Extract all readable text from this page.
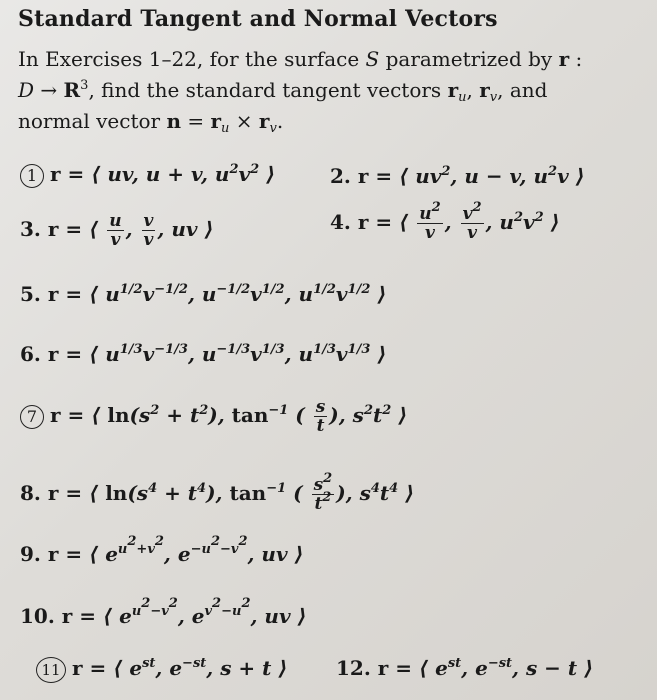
Standard Tangent and Normal Vectors
In Exercises 1–22, for the surface S parametrized by r :
$D \to R^3$, find the standard tangent vectors $r_u$, $r_v$, and
normal vector $n = r_u \times r_v$.
1 r = ⟨ uv, u + v, $u^2v^2$ ⟩	2. r = ⟨ $uv^2$, u − v, $u^2v$ ⟩
3. r = ⟨ $\frac{u}{v}$ , $\frac{v}{v}$ , uv ⟩	4. r = ⟨ $\frac{u^2}{v}$ , $\frac{v^2}{v}$ , $u^2v^2$ ⟩
5. r = ⟨ $u^{1/2}v^{-1/2}$, $u^{-1/2}v^{1/2}$, $u^{1/2}v^{1/2}$ ⟩
6. r = ⟨ $u^{1/3}v^{-1/3}$, $u^{-1/3}v^{1/3}$, $u^{1/3}v^{1/3}$ ⟩
7 r = ⟨ $\ln(s^2 + t^2)$, $\tan^{-1}$ ( $\frac{s}{t}$ ), $s^2t^2$ ⟩
8. r = ⟨ $\ln(s^4 + t^4)$, $\tan^{-1}$ ( $\frac{s^2}{t^2}$ ), $s^4t^4$ ⟩
9. r = ⟨ $e^{u^2+v^2}$, $e^{-u^2-v^2}$, uv ⟩
10. r = ⟨ $e^{u^2-v^2}$, $e^{v^2-u^2}$, uv ⟩
11 r = ⟨ $e^{st}$, $e^{-st}$, s + t ⟩ 12. r = ⟨ $e^{st}$, $e^{-st}$, s − t ⟩
